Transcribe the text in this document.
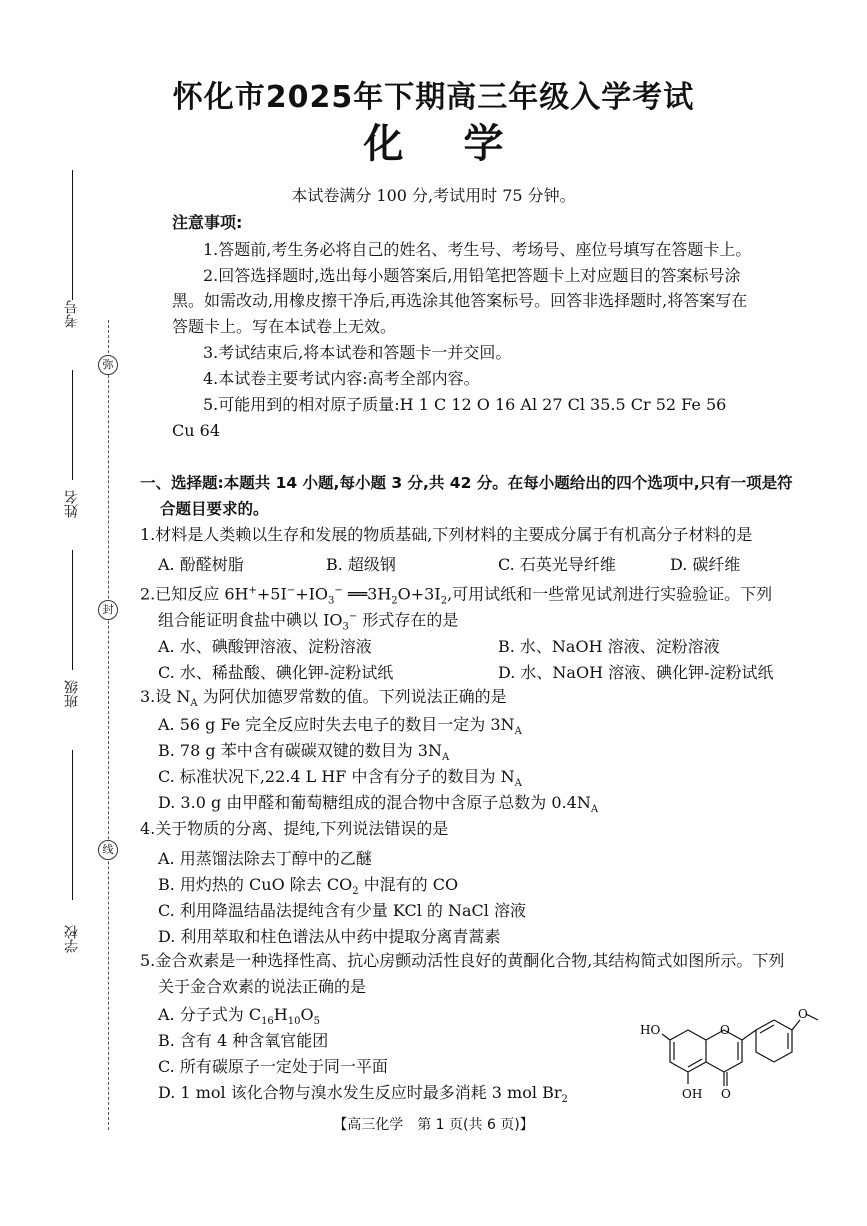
怀化市2025年下期高三年级入学考试
化学
考号
姓名
班级
学校
弥
封
线
本试卷满分 100 分,考试用时 75 分钟。
注意事项:
1.答题前,考生务必将自己的姓名、考生号、考场号、座位号填写在答题卡上。
2.回答选择题时,选出每小题答案后,用铅笔把答题卡上对应题目的答案标号涂
黑。如需改动,用橡皮擦干净后,再选涂其他答案标号。回答非选择题时,将答案写在
答题卡上。写在本试卷上无效。
3.考试结束后,将本试卷和答题卡一并交回。
4.本试卷主要考试内容:高考全部内容。
5.可能用到的相对原子质量:H 1 C 12 O 16 Al 27 Cl 35.5 Cr 52 Fe 56
Cu 64
一、选择题:本题共 14 小题,每小题 3 分,共 42 分。在每小题给出的四个选项中,只有一项是符
合题目要求的。
1.材料是人类赖以生存和发展的物质基础,下列材料的主要成分属于有机高分子材料的是
A. 酚醛树脂	B. 超级钢	C. 石英光导纤维	D. 碳纤维
2.已知反应 $6H^++5I^-+IO_3^-$ $══3H_2O+3I_2$,可用试纸和一些常见试剂进行实验验证。下列
组合能证明食盐中碘以 $IO_3^-$ 形式存在的是
A. 水、碘酸钾溶液、淀粉溶液	B. 水、NaOH 溶液、淀粉溶液
C. 水、稀盐酸、碘化钾-淀粉试纸	D. 水、NaOH 溶液、碘化钾-淀粉试纸
3.设 $N_A$ 为阿伏加德罗常数的值。下列说法正确的是
A. 56 g Fe 完全反应时失去电子的数目一定为 $3N_A$
B. 78 g 苯中含有碳碳双键的数目为 $3N_A$
C. 标准状况下,22.4 L HF 中含有分子的数目为 $N_A$
D. 3.0 g 由甲醛和葡萄糖组成的混合物中含原子总数为 $0.4N_A$
4.关于物质的分离、提纯,下列说法错误的是
A. 用蒸馏法除去丁醇中的乙醚
B. 用灼热的 CuO 除去 $CO_2$ 中混有的 CO
C. 利用降温结晶法提纯含有少量 KCl 的 NaCl 溶液
D. 利用萃取和柱色谱法从中药中提取分离青蒿素
5.金合欢素是一种选择性高、抗心房颤动活性良好的黄酮化合物,其结构简式如图所示。下列
关于金合欢素的说法正确的是
A. 分子式为 $C_{16}H_{10}O_5$
B. 含有 4 种含氧官能团
C. 所有碳原子一定处于同一平面
D. 1 mol 该化合物与溴水发生反应时最多消耗 3 mol $Br_2$
HO
OH O
O
O
【高三化学　第 1 页(共 6 页)】
